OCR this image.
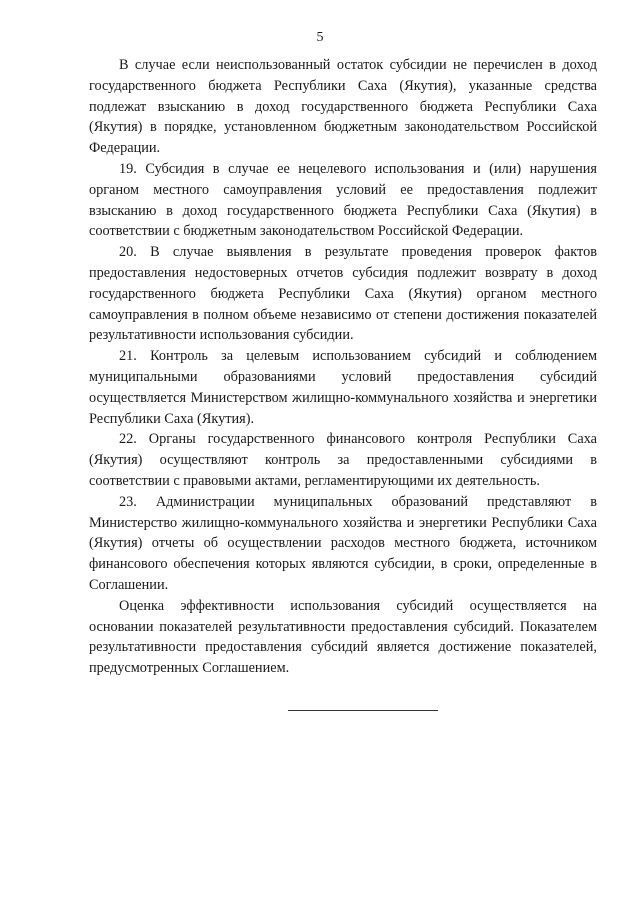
5

В случае если неиспользованный остаток субсидии не перечислен в доход государственного бюджета Республики Саха (Якутия), указанные средства подлежат взысканию в доход государственного бюджета Республики Саха (Якутия) в порядке, установленном бюджетным законодательством Российской Федерации.

19. Субсидия в случае ее нецелевого использования и (или) нарушения органом местного самоуправления условий ее предоставления подлежит взысканию в доход государственного бюджета Республики Саха (Якутия) в соответствии с бюджетным законодательством Российской Федерации.

20. В случае выявления в результате проведения проверок фактов предоставления недостоверных отчетов субсидия подлежит возврату в доход государственного бюджета Республики Саха (Якутия) органом местного самоуправления в полном объеме независимо от степени достижения показателей результативности использования субсидии.

21. Контроль за целевым использованием субсидий и соблюдением муниципальными образованиями условий предоставления субсидий осуществляется Министерством жилищно-коммунального хозяйства и энергетики Республики Саха (Якутия).

22. Органы государственного финансового контроля Республики Саха (Якутия) осуществляют контроль за предоставленными субсидиями в соответствии с правовыми актами, регламентирующими их деятельность.

23. Администрации муниципальных образований представляют в Министерство жилищно-коммунального хозяйства и энергетики Республики Саха (Якутия) отчеты об осуществлении расходов местного бюджета, источником финансового обеспечения которых являются субсидии, в сроки, определенные в Соглашении.

Оценка эффективности использования субсидий осуществляется на основании показателей результативности предоставления субсидий. Показателем результативности предоставления субсидий является достижение показателей, предусмотренных Соглашением.
